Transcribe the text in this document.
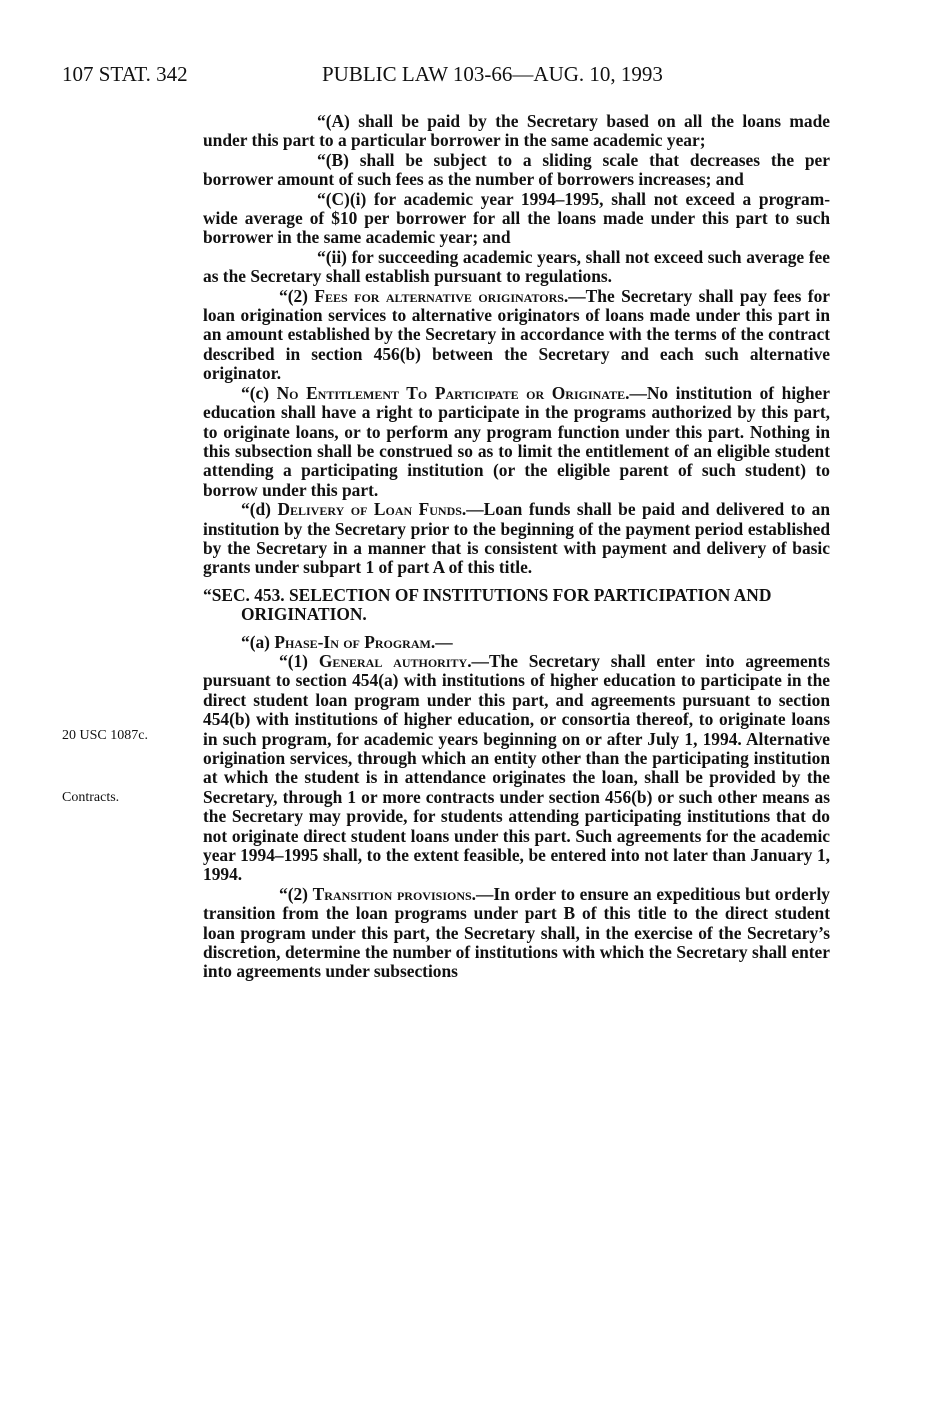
107 STAT. 342	PUBLIC LAW 103-66—AUG. 10, 1993
20 USC 1087c.
Contracts.

“(A) shall be paid by the Secretary based on all the loans made under this part to a particular borrower in the same academic year;

“(B) shall be subject to a sliding scale that decreases the per borrower amount of such fees as the number of borrowers increases; and

“(C)(i) for academic year 1994–1995, shall not exceed a program-wide average of $10 per borrower for all the loans made under this part to such borrower in the same academic year; and

“(ii) for succeeding academic years, shall not exceed such average fee as the Secretary shall establish pursuant to regulations.

“(2) Fees for alternative originators.—The Secretary shall pay fees for loan origination services to alternative originators of loans made under this part in an amount established by the Secretary in accordance with the terms of the contract described in section 456(b) between the Secretary and each such alternative originator.

“(c) No Entitlement To Participate or Originate.—No institution of higher education shall have a right to participate in the programs authorized by this part, to originate loans, or to perform any program function under this part. Nothing in this subsection shall be construed so as to limit the entitlement of an eligible student attending a participating institution (or the eligible parent of such student) to borrow under this part.

“(d) Delivery of Loan Funds.—Loan funds shall be paid and delivered to an institution by the Secretary prior to the beginning of the payment period established by the Secretary in a manner that is consistent with payment and delivery of basic grants under subpart 1 of part A of this title.

“SEC. 453. SELECTION OF INSTITUTIONS FOR PARTICIPATION AND
ORIGINATION.

“(a) Phase-In of Program.—

“(1) General authority.—The Secretary shall enter into agreements pursuant to section 454(a) with institutions of higher education to participate in the direct student loan program under this part, and agreements pursuant to section 454(b) with institutions of higher education, or consortia thereof, to originate loans in such program, for academic years beginning on or after July 1, 1994. Alternative origination services, through which an entity other than the participating institution at which the student is in attendance originates the loan, shall be provided by the Secretary, through 1 or more contracts under section 456(b) or such other means as the Secretary may provide, for students attending participating institutions that do not originate direct student loans under this part. Such agreements for the academic year 1994–1995 shall, to the extent feasible, be entered into not later than January 1, 1994.

“(2) Transition provisions.—In order to ensure an expeditious but orderly transition from the loan programs under part B of this title to the direct student loan program under this part, the Secretary shall, in the exercise of the Secretary’s discretion, determine the number of institutions with which the Secretary shall enter into agreements under subsections
